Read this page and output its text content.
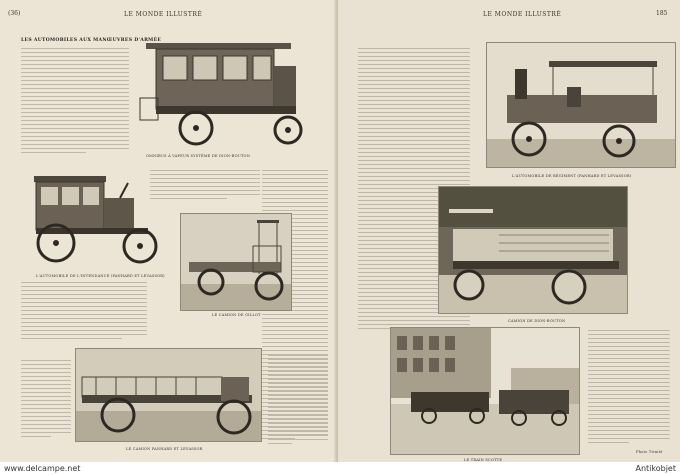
(36)	LE MONDE ILLUSTRÉ
LES AUTOMOBILES AUX MANŒUVRES D'ARMÉE
OMNIBUS À VAPEUR SYSTÈME DE DION-BOUTON
L'AUTOMOBILE DE L'INTENDANCE (PANHARD ET LEVASSOR)
LE CAMION DE GILLOT
LE CAMION PANHARD ET LEVASSOR
LE MONDE ILLUSTRÉ	185
L'AUTOMOBILE DE RÉGIMENT (PANHARD ET LEVASSOR)
CAMION DE DION-BOUTON
LE TRAIN SCOTTE
Photo Trinité
www.delcampe.net	Antikobjet
